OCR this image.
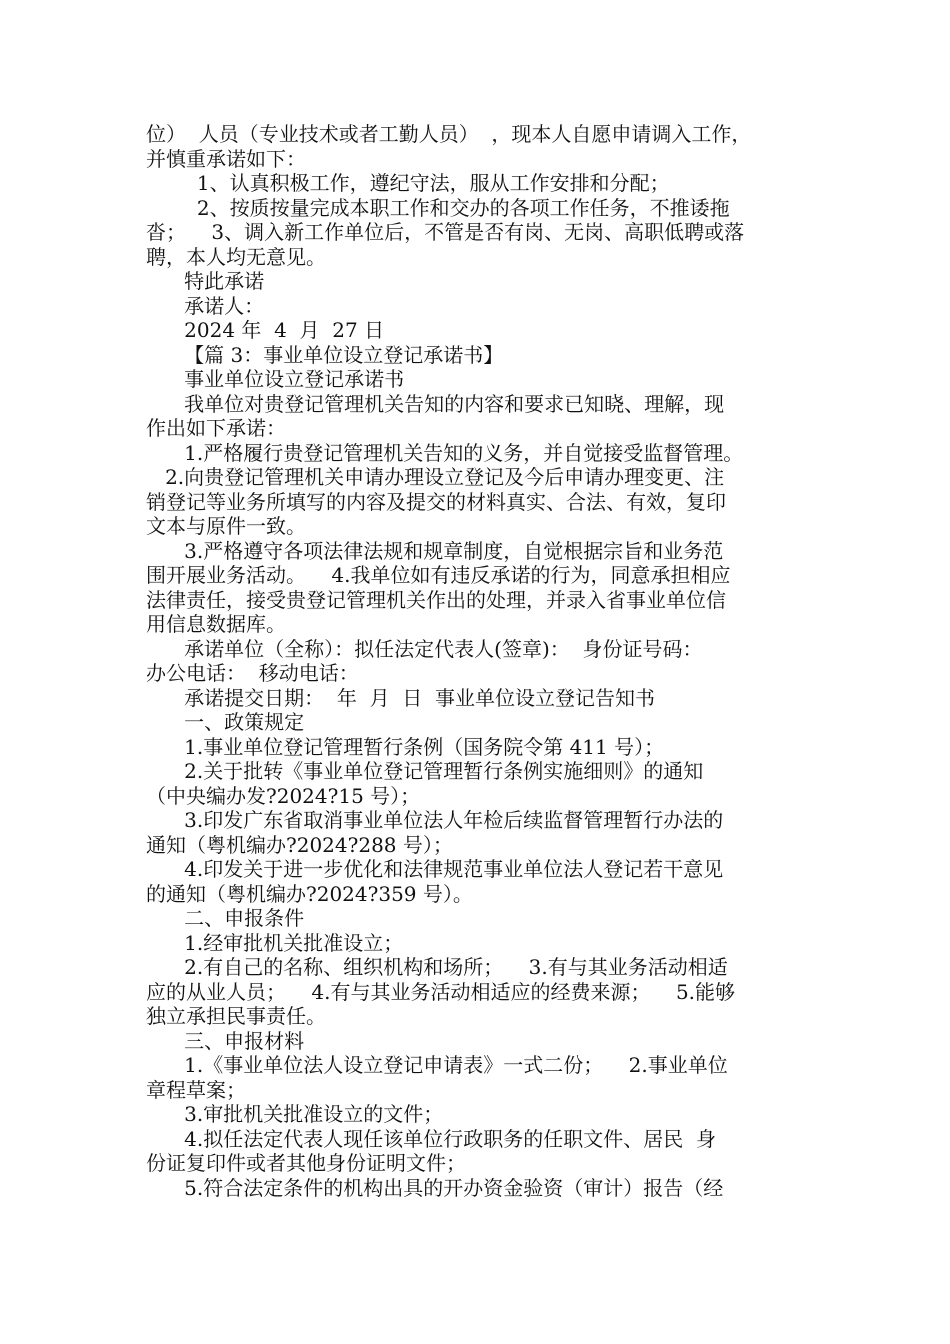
位）  人员（专业技术或者工勤人员）  ，现本人自愿申请调入工作，
并慎重承诺如下：
1、认真积极工作，遵纪守法，服从工作安排和分配；
2、按质按量完成本职工作和交办的各项工作任务，不推诿拖
沓；    3、调入新工作单位后，不管是否有岗、无岗、高职低聘或落
聘，本人均无意见。
特此承诺
承诺人：
2024 年  4  月  27 日
【篇 3：事业单位设立登记承诺书】
事业单位设立登记承诺书
我单位对贵登记管理机关告知的内容和要求已知晓、理解，现
作出如下承诺：
1.严格履行贵登记管理机关告知的义务，并自觉接受监督管理。
2.向贵登记管理机关申请办理设立登记及今后申请办理变更、注
销登记等业务所填写的内容及提交的材料真实、合法、有效，复印
文本与原件一致。
3.严格遵守各项法律法规和规章制度，自觉根据宗旨和业务范
围开展业务活动。    4.我单位如有违反承诺的行为，同意承担相应
法律责任，接受贵登记管理机关作出的处理，并录入省事业单位信
用信息数据库。
承诺单位（全称）：拟任法定代表人(签章)：  身份证号码：
办公电话：  移动电话：
承诺提交日期：  年  月  日  事业单位设立登记告知书
一、政策规定
1.事业单位登记管理暂行条例（国务院令第 411 号）；
2.关于批转《事业单位登记管理暂行条例实施细则》的通知
（中央编办发?2024?15 号）；
3.印发广东省取消事业单位法人年检后续监督管理暂行办法的
通知（粤机编办?2024?288 号）；
4.印发关于进一步优化和法律规范事业单位法人登记若干意见
的通知（粤机编办?2024?359 号）。
二、申报条件
1.经审批机关批准设立；
2.有自己的名称、组织机构和场所；    3.有与其业务活动相适
应的从业人员；    4.有与其业务活动相适应的经费来源；    5.能够
独立承担民事责任。
三、申报材料
1.《事业单位法人设立登记申请表》一式二份；    2.事业单位
章程草案；
3.审批机关批准设立的文件；
4.拟任法定代表人现任该单位行政职务的任职文件、居民  身
份证复印件或者其他身份证明文件；
5.符合法定条件的机构出具的开办资金验资（审计）报告（经
